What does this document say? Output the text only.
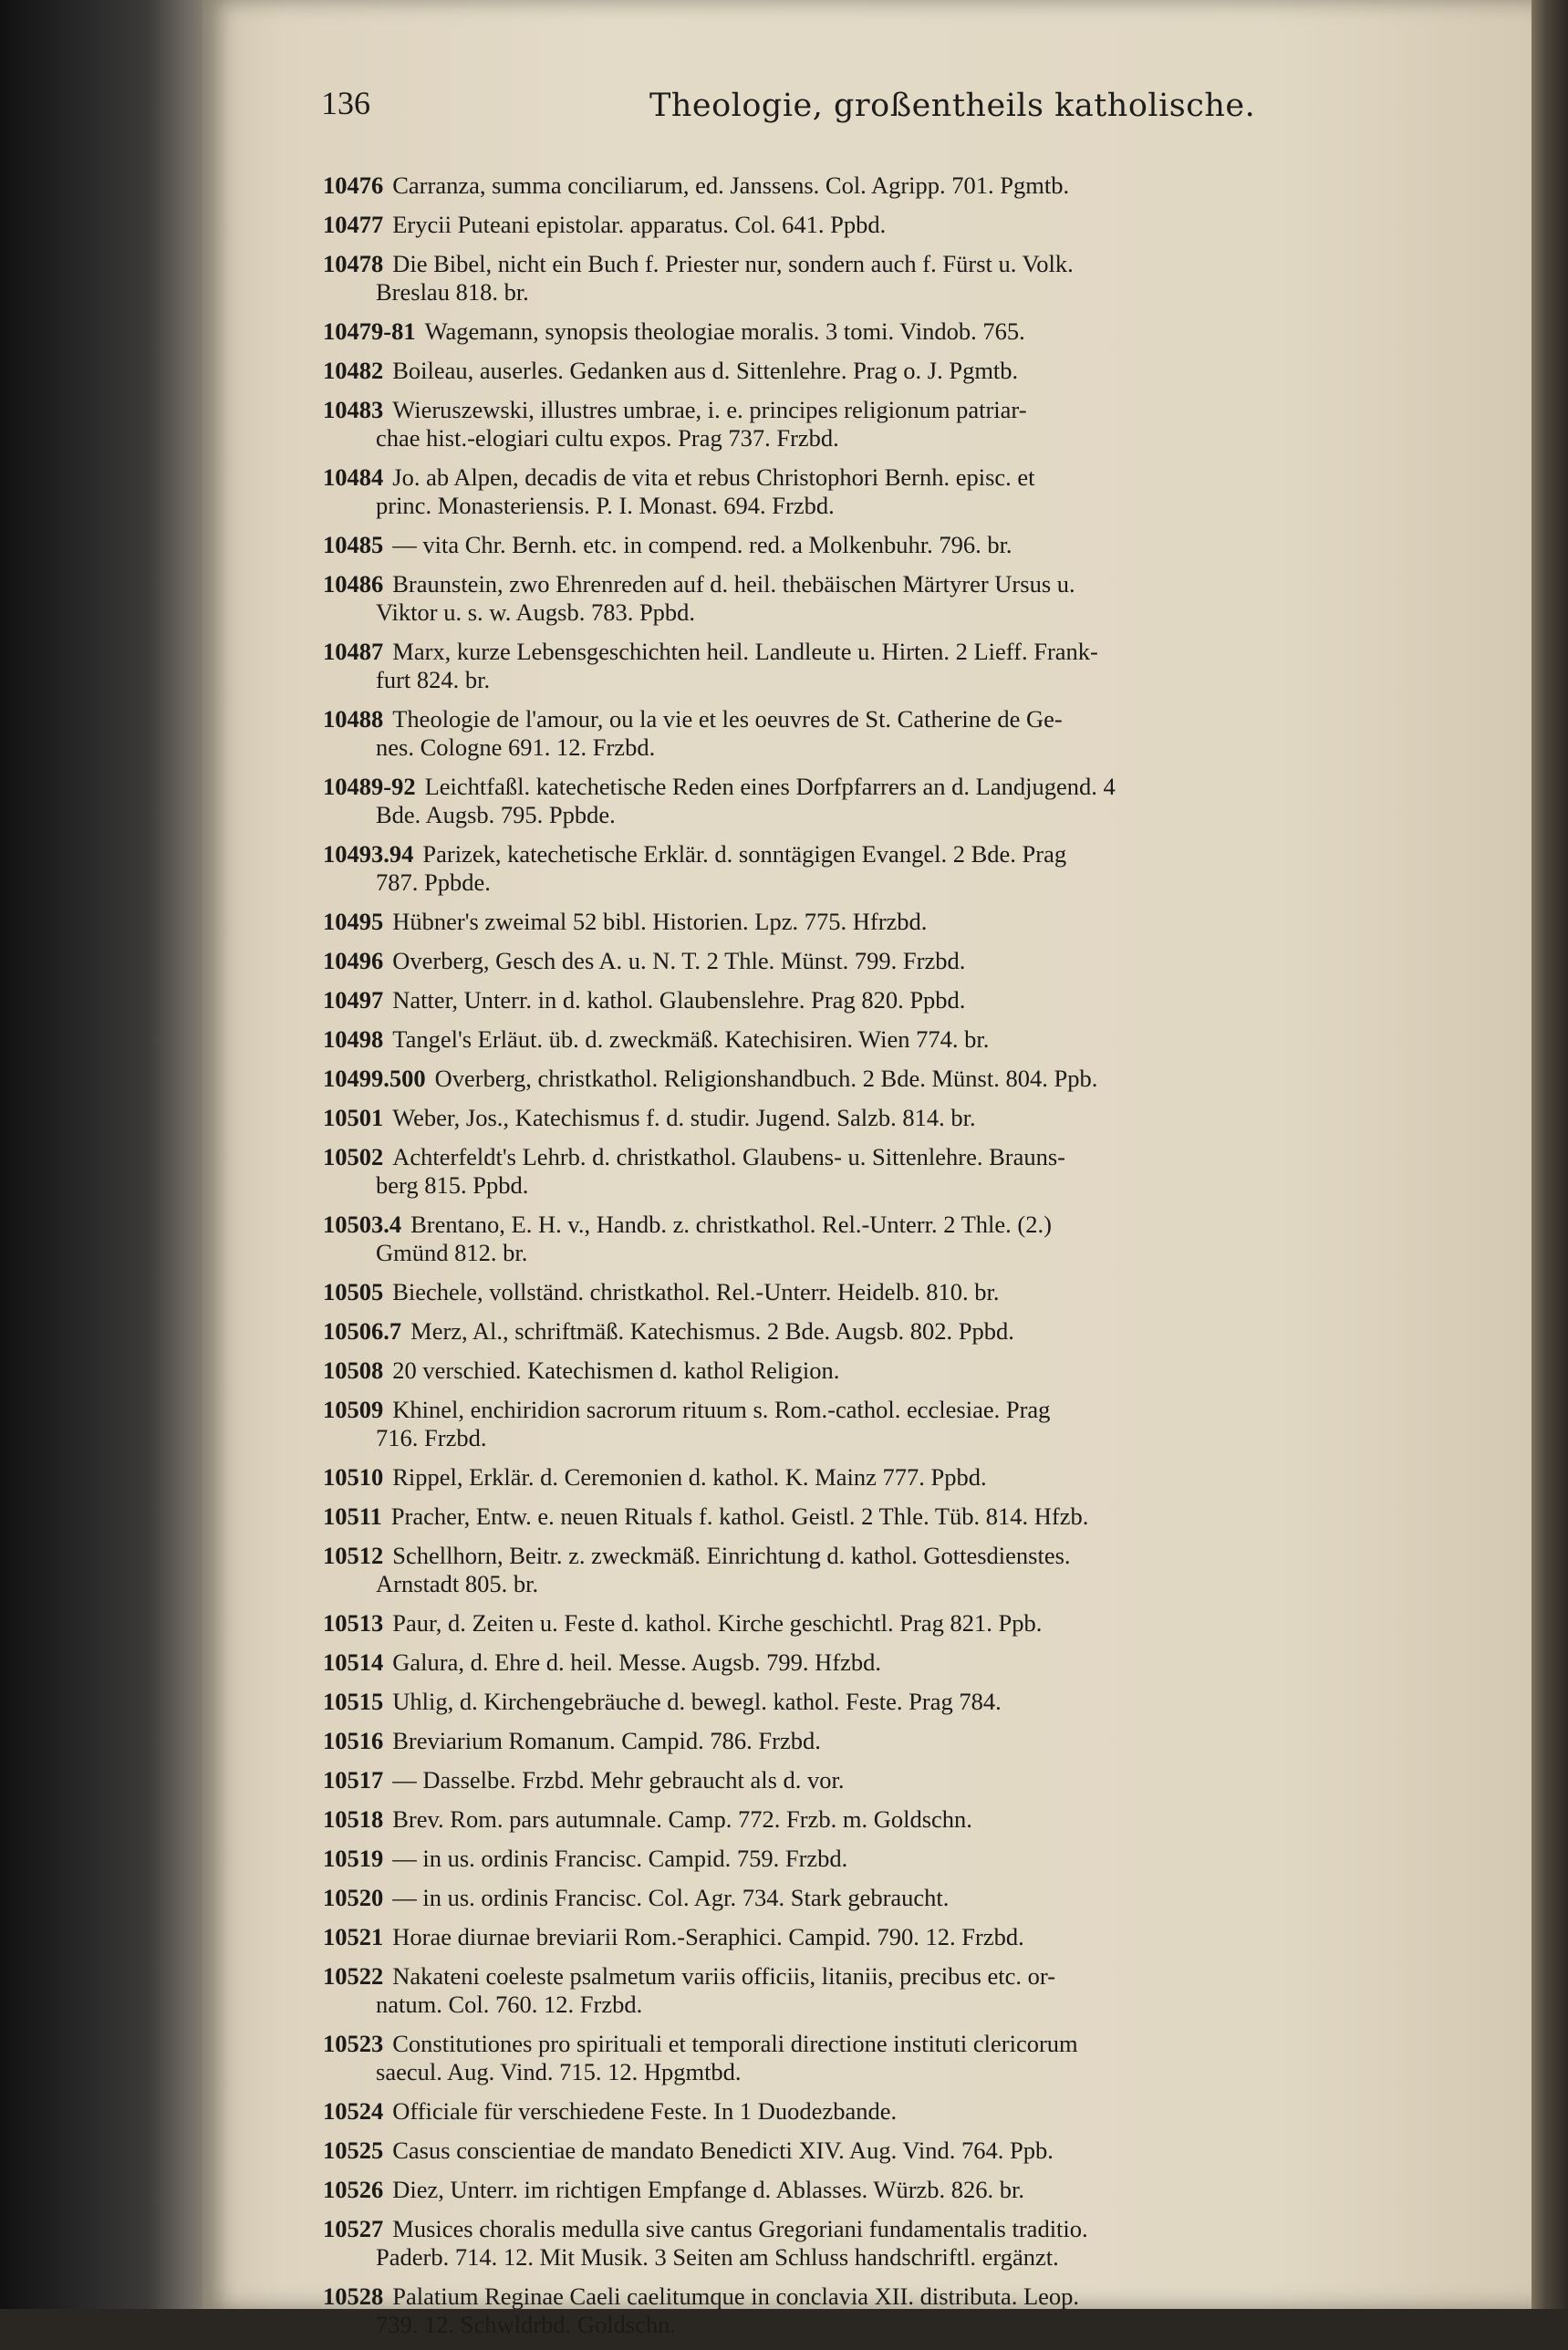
136	Theologie, großentheils katholische.
10476 Carranza, summa conciliarum, ed. Janssens. Col. Agripp. 701. Pgmtb.
10477 Erycii Puteani epistolar. apparatus. Col. 641. Ppbd.
10478 Die Bibel, nicht ein Buch f. Priester nur, sondern auch f. Fürst u. Volk.
Breslau 818. br.
10479-81 Wagemann, synopsis theologiae moralis. 3 tomi. Vindob. 765.
10482 Boileau, auserles. Gedanken aus d. Sittenlehre. Prag o. J. Pgmtb.
10483 Wieruszewski, illustres umbrae, i. e. principes religionum patriar-
chae hist.-elogiari cultu expos. Prag 737. Frzbd.
10484 Jo. ab Alpen, decadis de vita et rebus Christophori Bernh. episc. et
princ. Monasteriensis. P. I. Monast. 694. Frzbd.
10485 — vita Chr. Bernh. etc. in compend. red. a Molkenbuhr. 796. br.
10486 Braunstein, zwo Ehrenreden auf d. heil. thebäischen Märtyrer Ursus u.
Viktor u. s. w. Augsb. 783. Ppbd.
10487 Marx, kurze Lebensgeschichten heil. Landleute u. Hirten. 2 Lieff. Frank-
furt 824. br.
10488 Theologie de l'amour, ou la vie et les oeuvres de St. Catherine de Ge-
nes. Cologne 691. 12. Frzbd.
10489-92 Leichtfaßl. katechetische Reden eines Dorfpfarrers an d. Landjugend. 4
Bde. Augsb. 795. Ppbde.
10493.94 Parizek, katechetische Erklär. d. sonntägigen Evangel. 2 Bde. Prag
787. Ppbde.
10495 Hübner's zweimal 52 bibl. Historien. Lpz. 775. Hfrzbd.
10496 Overberg, Gesch des A. u. N. T. 2 Thle. Münst. 799. Frzbd.
10497 Natter, Unterr. in d. kathol. Glaubenslehre. Prag 820. Ppbd.
10498 Tangel's Erläut. üb. d. zweckmäß. Katechisiren. Wien 774. br.
10499.500 Overberg, christkathol. Religionshandbuch. 2 Bde. Münst. 804. Ppb.
10501 Weber, Jos., Katechismus f. d. studir. Jugend. Salzb. 814. br.
10502 Achterfeldt's Lehrb. d. christkathol. Glaubens- u. Sittenlehre. Brauns-
berg 815. Ppbd.
10503.4 Brentano, E. H. v., Handb. z. christkathol. Rel.-Unterr. 2 Thle. (2.)
Gmünd 812. br.
10505 Biechele, vollständ. christkathol. Rel.-Unterr. Heidelb. 810. br.
10506.7 Merz, Al., schriftmäß. Katechismus. 2 Bde. Augsb. 802. Ppbd.
10508 20 verschied. Katechismen d. kathol Religion.
10509 Khinel, enchiridion sacrorum rituum s. Rom.-cathol. ecclesiae. Prag
716. Frzbd.
10510 Rippel, Erklär. d. Ceremonien d. kathol. K. Mainz 777. Ppbd.
10511 Pracher, Entw. e. neuen Rituals f. kathol. Geistl. 2 Thle. Tüb. 814. Hfzb.
10512 Schellhorn, Beitr. z. zweckmäß. Einrichtung d. kathol. Gottesdienstes.
Arnstadt 805. br.
10513 Paur, d. Zeiten u. Feste d. kathol. Kirche geschichtl. Prag 821. Ppb.
10514 Galura, d. Ehre d. heil. Messe. Augsb. 799. Hfzbd.
10515 Uhlig, d. Kirchengebräuche d. bewegl. kathol. Feste. Prag 784.
10516 Breviarium Romanum. Campid. 786. Frzbd.
10517 — Dasselbe. Frzbd. Mehr gebraucht als d. vor.
10518 Brev. Rom. pars autumnale. Camp. 772. Frzb. m. Goldschn.
10519 — in us. ordinis Francisc. Campid. 759. Frzbd.
10520 — in us. ordinis Francisc. Col. Agr. 734. Stark gebraucht.
10521 Horae diurnae breviarii Rom.-Seraphici. Campid. 790. 12. Frzbd.
10522 Nakateni coeleste psalmetum variis officiis, litaniis, precibus etc. or-
natum. Col. 760. 12. Frzbd.
10523 Constitutiones pro spirituali et temporali directione instituti clericorum
saecul. Aug. Vind. 715. 12. Hpgmtbd.
10524 Officiale für verschiedene Feste. In 1 Duodezbande.
10525 Casus conscientiae de mandato Benedicti XIV. Aug. Vind. 764. Ppb.
10526 Diez, Unterr. im richtigen Empfange d. Ablasses. Würzb. 826. br.
10527 Musices choralis medulla sive cantus Gregoriani fundamentalis traditio.
Paderb. 714. 12. Mit Musik. 3 Seiten am Schluss handschriftl. ergänzt.
10528 Palatium Reginae Caeli caelitumque in conclavia XII. distributa. Leop.
739. 12. Schwldrbd. Goldschn.
